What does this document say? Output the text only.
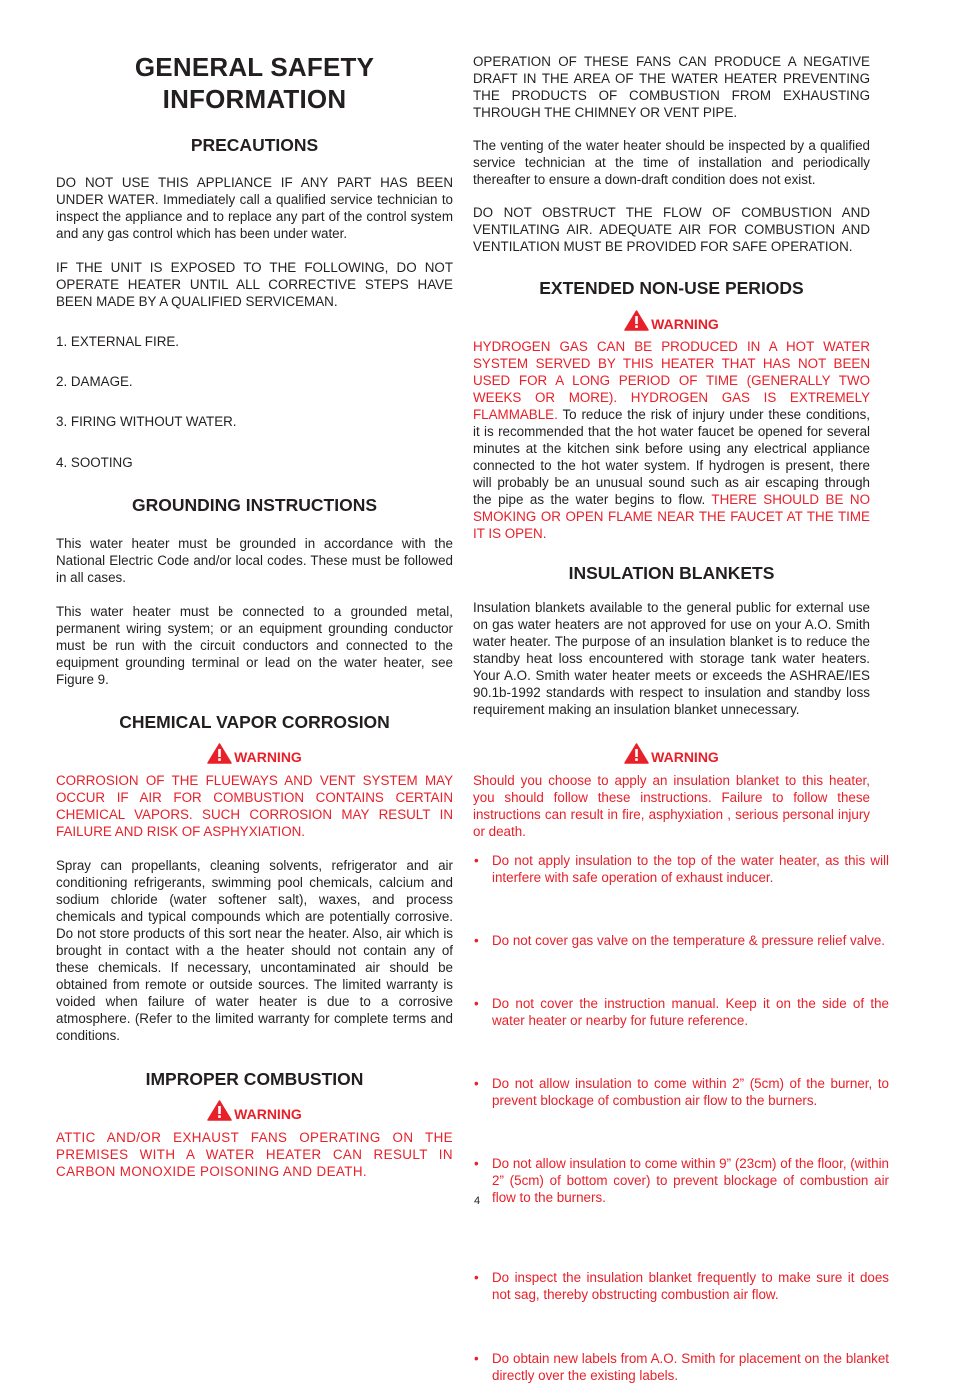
GENERAL SAFETY
INFORMATION
PRECAUTIONS

DO NOT USE THIS APPLIANCE IF ANY PART HAS BEEN UNDER WATER. Immediately call a qualified service technician to inspect the appliance and to replace any part of the control system and any gas control which has been under water.

IF THE UNIT IS EXPOSED TO THE FOLLOWING, DO NOT OPERATE HEATER UNTIL ALL CORRECTIVE STEPS HAVE BEEN MADE BY A QUALIFIED SERVICEMAN.

1. EXTERNAL FIRE.
2. DAMAGE.
3. FIRING WITHOUT WATER.
4. SOOTING
GROUNDING INSTRUCTIONS

This water heater must be grounded in accordance with the National Electric Code and/or local codes. These must be followed in all cases.

This water heater must be connected to a grounded metal, permanent wiring system; or an equipment grounding conductor must be run with the circuit conductors and connected to the equipment grounding terminal or lead on the water heater, see Figure 9.

CHEMICAL VAPOR CORROSION
WARNING

CORROSION OF THE FLUEWAYS AND VENT SYSTEM MAY OCCUR IF AIR FOR COMBUSTION CONTAINS CERTAIN CHEMICAL VAPORS. SUCH CORROSION MAY RESULT IN FAILURE AND RISK OF ASPHYXIATION.

Spray can propellants, cleaning solvents, refrigerator and air conditioning refrigerants, swimming pool chemicals, calcium and sodium chloride (water softener salt), waxes, and process chemicals and typical compounds which are potentially corrosive. Do not store products of this sort near the heater. Also, air which is brought in contact with a the heater should not contain any of these chemicals. If necessary, uncontaminated air should be obtained from remote or outside sources. The limited warranty is voided when failure of water heater is due to a corrosive atmosphere. (Refer to the limited warranty for complete terms and conditions.

IMPROPER COMBUSTION
WARNING

ATTIC AND/OR EXHAUST FANS OPERATING ON THE PREMISES WITH A WATER HEATER CAN RESULT IN CARBON MONOXIDE POISONING AND DEATH.

OPERATION OF THESE FANS CAN PRODUCE A NEGATIVE DRAFT IN THE AREA OF THE WATER HEATER PREVENTING THE PRODUCTS OF COMBUSTION FROM EXHAUSTING THROUGH THE CHIMNEY OR VENT PIPE.

The venting of the water heater should be inspected by a qualified service technician at the time of installation and periodically thereafter to ensure a down-draft condition does not exist.

DO NOT OBSTRUCT THE FLOW OF COMBUSTION AND VENTILATING AIR. ADEQUATE AIR FOR COMBUSTION AND VENTILATION MUST BE PROVIDED FOR SAFE OPERATION.

EXTENDED NON-USE PERIODS
WARNING

HYDROGEN GAS CAN BE PRODUCED IN A HOT WATER SYSTEM SERVED BY THIS HEATER THAT HAS NOT BEEN USED FOR A LONG PERIOD OF TIME (GENERALLY TWO WEEKS OR MORE). HYDROGEN GAS IS EXTREMELY FLAMMABLE. To reduce the risk of injury under these conditions, it is recommended that the hot water faucet be opened for several minutes at the kitchen sink before using any electrical appliance connected to the hot water system. If hydrogen is present, there will probably be an unusual sound such as air escaping through the pipe as the water begins to flow. THERE SHOULD BE NO SMOKING OR OPEN FLAME NEAR THE FAUCET AT THE TIME IT IS OPEN.

INSULATION BLANKETS

Insulation blankets available to the general public for external use on gas water heaters are not approved for use on your A.O. Smith water heater. The purpose of an insulation blanket is to reduce the standby heat loss encountered with storage tank water heaters. Your A.O. Smith water heater meets or exceeds the ASHRAE/IES 90.1b-1992 standards with respect to insulation and standby loss requirement making an insulation blanket unnecessary.

WARNING

Should you choose to apply an insulation blanket to this heater, you should follow these instructions. Failure to follow these instructions can result in fire, asphyxiation , serious personal injury or death.

• Do not apply insulation to the top of the water heater, as this will interfere with safe operation of exhaust inducer.
• Do not cover gas valve on the temperature & pressure relief valve.
• Do not cover the instruction manual. Keep it on the side of the water heater or nearby for future reference.
• Do not allow insulation to come within 2” (5cm) of the burner, to prevent blockage of combustion air flow to the burners.
• Do not allow insulation to come within 9” (23cm) of the floor, (within 2” (5cm) of bottom cover) to prevent blockage of combustion air flow to the burners.
• Do inspect the insulation blanket frequently to make sure it does not sag, thereby obstructing combustion air flow.
• Do obtain new labels from A.O. Smith for placement on the blanket directly over the existing labels.
4
